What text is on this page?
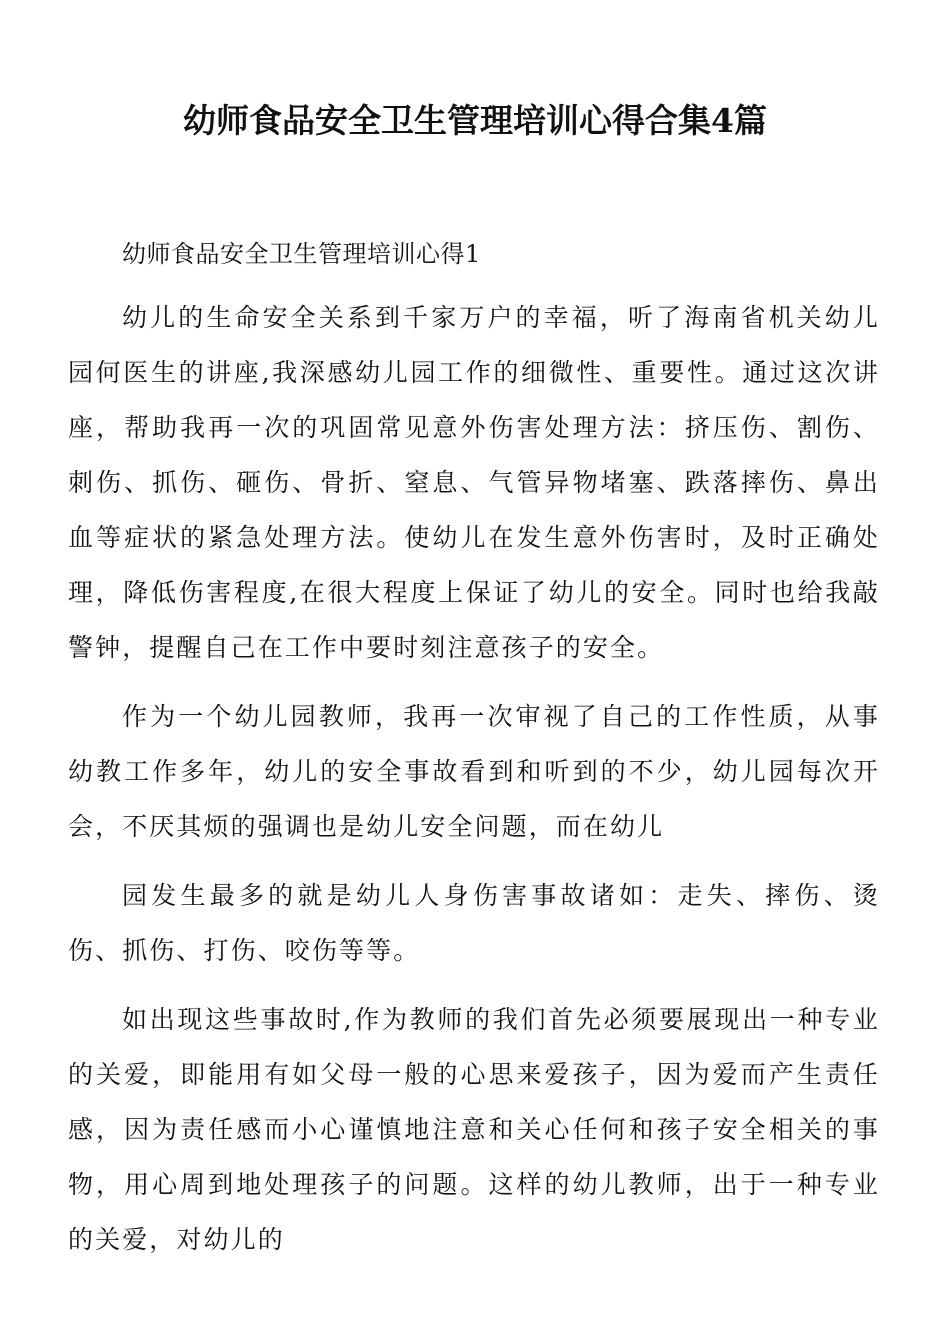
幼师食品安全卫生管理培训心得合集4篇

幼师食品安全卫生管理培训心得1

幼儿的生命安全关系到千家万户的幸福，听了海南省机关幼儿园何医生的讲座,我深感幼儿园工作的细微性、重要性。通过这次讲座，帮助我再一次的巩固常见意外伤害处理方法：挤压伤、割伤、刺伤、抓伤、砸伤、骨折、窒息、气管异物堵塞、跌落摔伤、鼻出血等症状的紧急处理方法。使幼儿在发生意外伤害时，及时正确处理，降低伤害程度,在很大程度上保证了幼儿的安全。同时也给我敲警钟，提醒自己在工作中要时刻注意孩子的安全。

作为一个幼儿园教师，我再一次审视了自己的工作性质，从事幼教工作多年，幼儿的安全事故看到和听到的不少，幼儿园每次开会，不厌其烦的强调也是幼儿安全问题，而在幼儿

园发生最多的就是幼儿人身伤害事故诸如：走失、摔伤、烫伤、抓伤、打伤、咬伤等等。

如出现这些事故时,作为教师的我们首先必须要展现出一种专业的关爱，即能用有如父母一般的心思来爱孩子，因为爱而产生责任感，因为责任感而小心谨慎地注意和关心任何和孩子安全相关的事物，用心周到地处理孩子的问题。这样的幼儿教师，出于一种专业的关爱，对幼儿的
